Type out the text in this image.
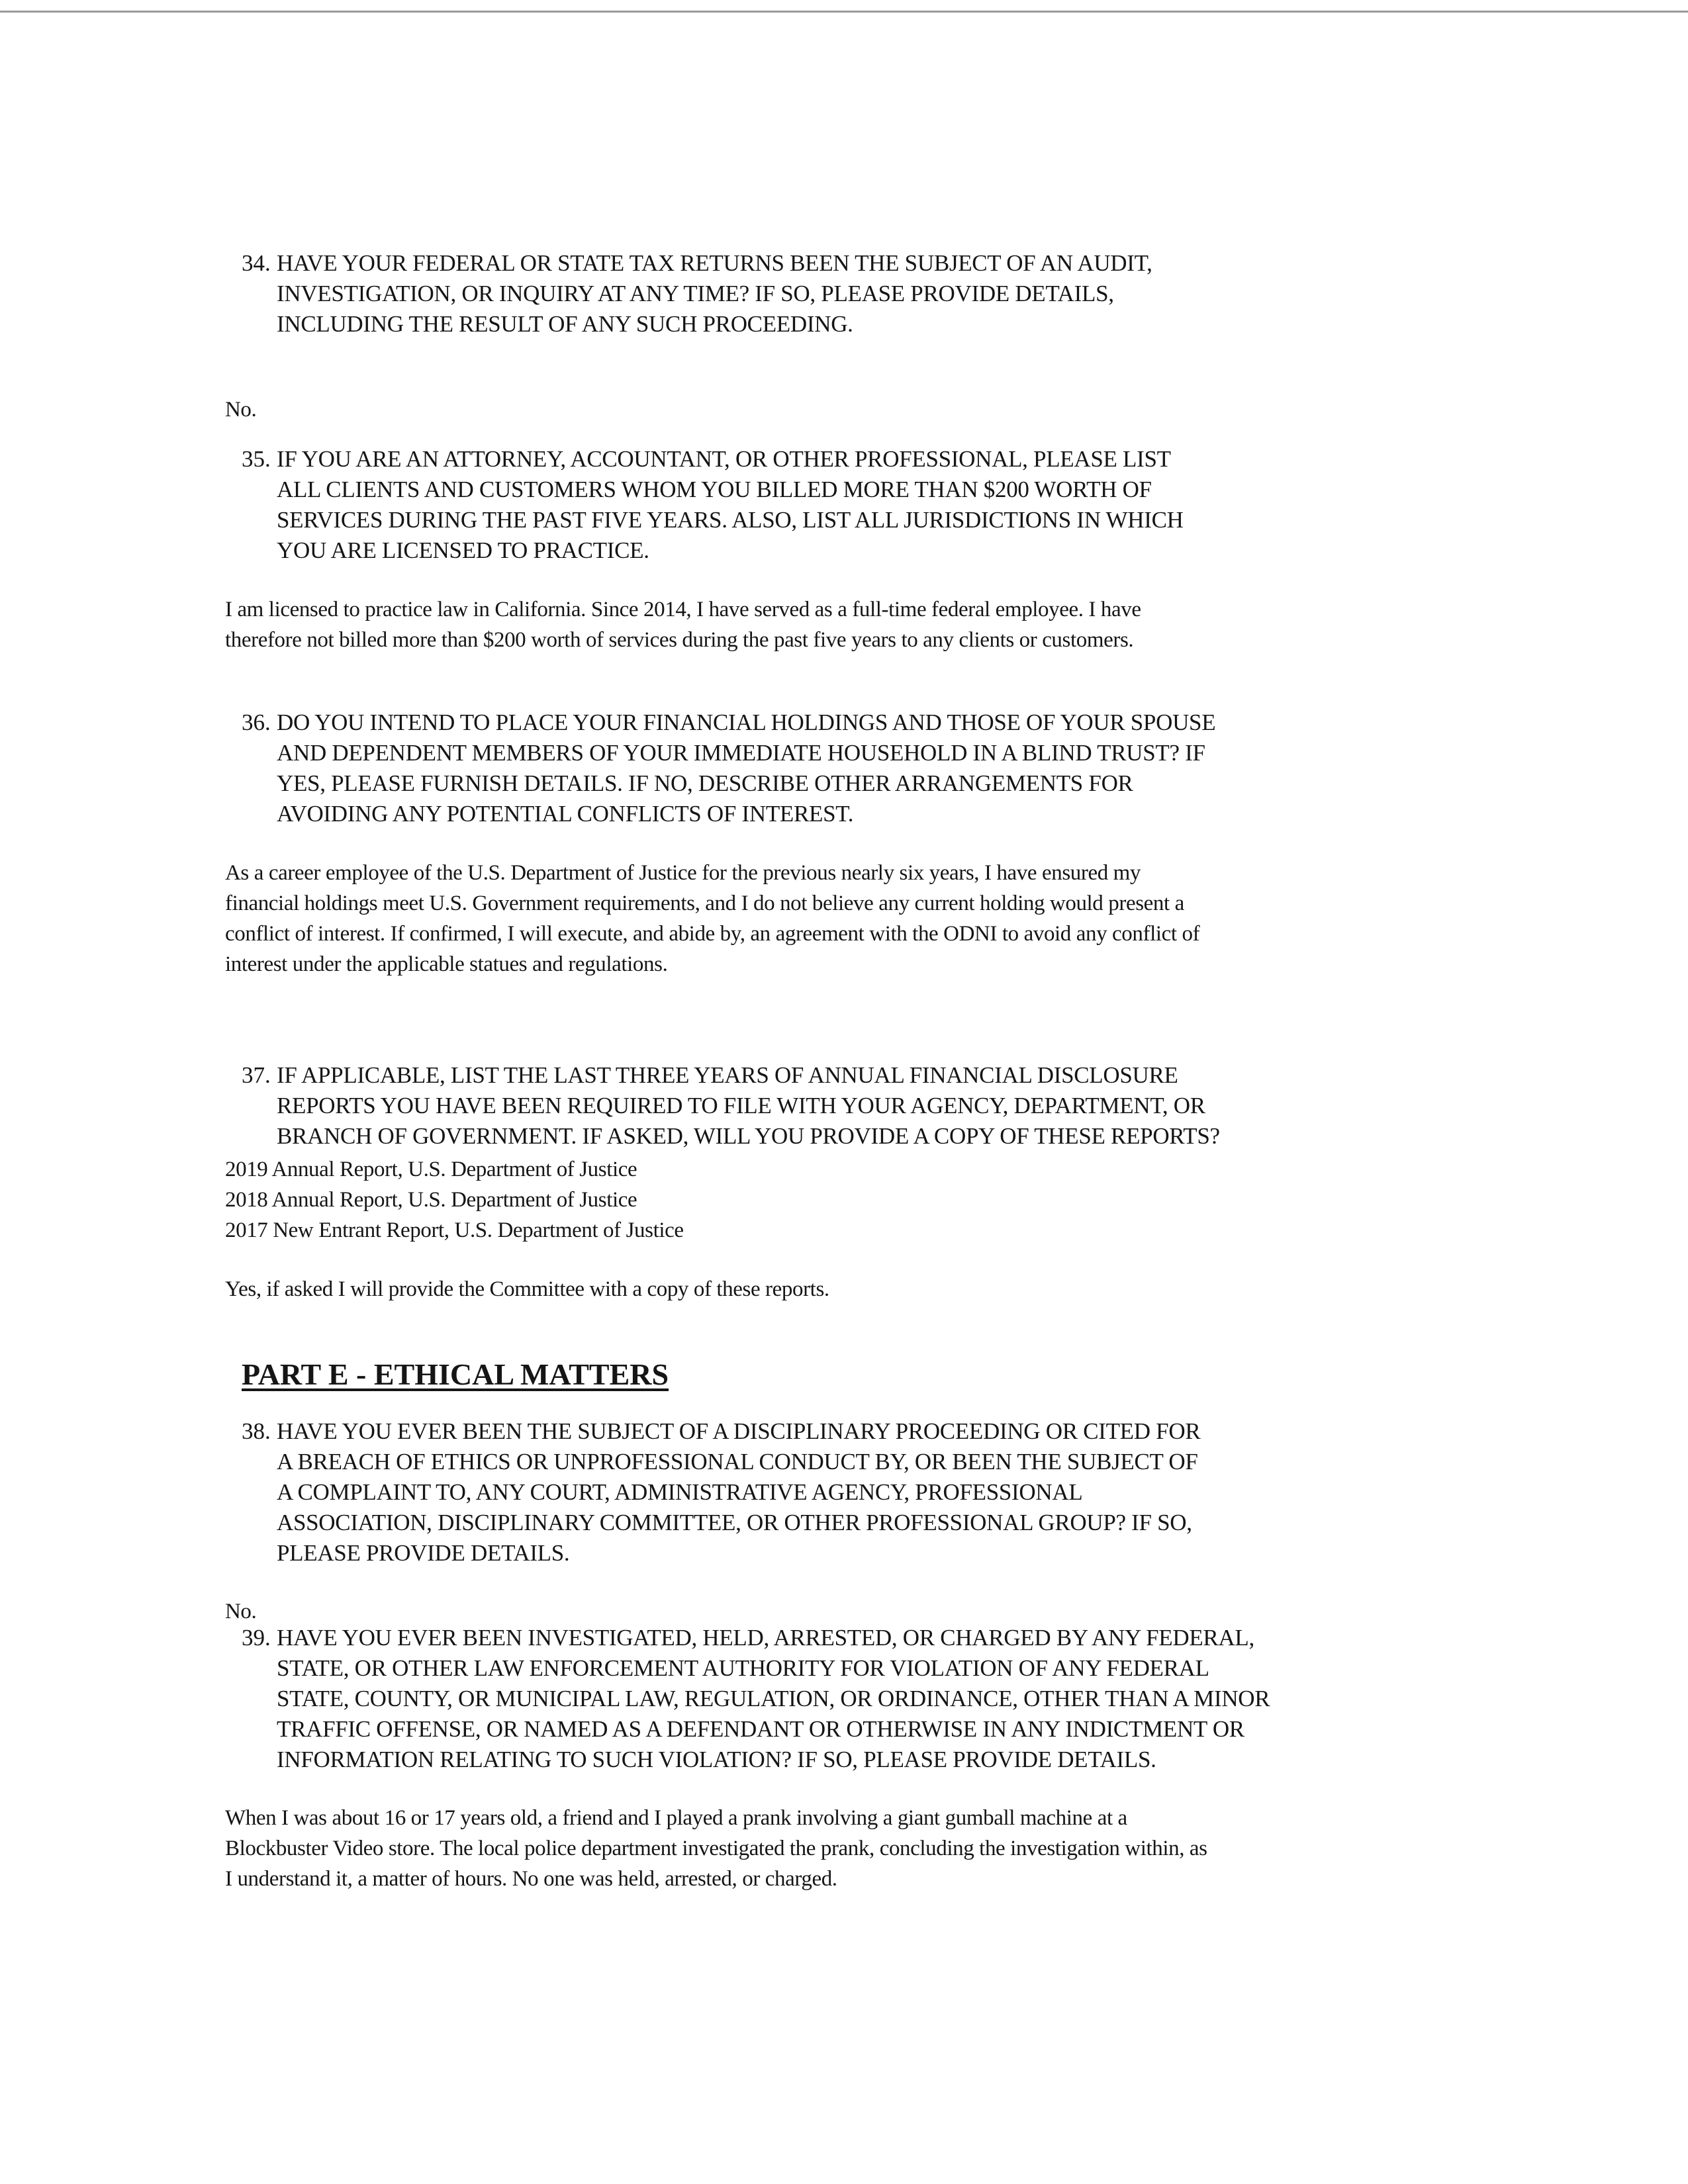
34. HAVE YOUR FEDERAL OR STATE TAX RETURNS BEEN THE SUBJECT OF AN AUDIT,
INVESTIGATION, OR INQUIRY AT ANY TIME? IF SO, PLEASE PROVIDE DETAILS,
INCLUDING THE RESULT OF ANY SUCH PROCEEDING.
No.
35. IF YOU ARE AN ATTORNEY, ACCOUNTANT, OR OTHER PROFESSIONAL, PLEASE LIST
ALL CLIENTS AND CUSTOMERS WHOM YOU BILLED MORE THAN $200 WORTH OF
SERVICES DURING THE PAST FIVE YEARS. ALSO, LIST ALL JURISDICTIONS IN WHICH
YOU ARE LICENSED TO PRACTICE.
I am licensed to practice law in California. Since 2014, I have served as a full-time federal employee. I have
therefore not billed more than $200 worth of services during the past five years to any clients or customers.
36. DO YOU INTEND TO PLACE YOUR FINANCIAL HOLDINGS AND THOSE OF YOUR SPOUSE
AND DEPENDENT MEMBERS OF YOUR IMMEDIATE HOUSEHOLD IN A BLIND TRUST? IF
YES, PLEASE FURNISH DETAILS. IF NO, DESCRIBE OTHER ARRANGEMENTS FOR
AVOIDING ANY POTENTIAL CONFLICTS OF INTEREST.
As a career employee of the U.S. Department of Justice for the previous nearly six years, I have ensured my
financial holdings meet U.S. Government requirements, and I do not believe any current holding would present a
conflict of interest. If confirmed, I will execute, and abide by, an agreement with the ODNI to avoid any conflict of
interest under the applicable statues and regulations.
37. IF APPLICABLE, LIST THE LAST THREE YEARS OF ANNUAL FINANCIAL DISCLOSURE
REPORTS YOU HAVE BEEN REQUIRED TO FILE WITH YOUR AGENCY, DEPARTMENT, OR
BRANCH OF GOVERNMENT. IF ASKED, WILL YOU PROVIDE A COPY OF THESE REPORTS?
2019 Annual Report, U.S. Department of Justice
2018 Annual Report, U.S. Department of Justice
2017 New Entrant Report, U.S. Department of Justice
Yes, if asked I will provide the Committee with a copy of these reports.
38. HAVE YOU EVER BEEN THE SUBJECT OF A DISCIPLINARY PROCEEDING OR CITED FOR
A BREACH OF ETHICS OR UNPROFESSIONAL CONDUCT BY, OR BEEN THE SUBJECT OF
A COMPLAINT TO, ANY COURT, ADMINISTRATIVE AGENCY, PROFESSIONAL
ASSOCIATION, DISCIPLINARY COMMITTEE, OR OTHER PROFESSIONAL GROUP? IF SO,
PLEASE PROVIDE DETAILS.
No.
39. HAVE YOU EVER BEEN INVESTIGATED, HELD, ARRESTED, OR CHARGED BY ANY FEDERAL,
STATE, OR OTHER LAW ENFORCEMENT AUTHORITY FOR VIOLATION OF ANY FEDERAL
STATE, COUNTY, OR MUNICIPAL LAW, REGULATION, OR ORDINANCE, OTHER THAN A MINOR
TRAFFIC OFFENSE, OR NAMED AS A DEFENDANT OR OTHERWISE IN ANY INDICTMENT OR
INFORMATION RELATING TO SUCH VIOLATION? IF SO, PLEASE PROVIDE DETAILS.
When I was about 16 or 17 years old, a friend and I played a prank involving a giant gumball machine at a
Blockbuster Video store. The local police department investigated the prank, concluding the investigation within, as
I understand it, a matter of hours. No one was held, arrested, or charged.
PART E - ETHICAL MATTERS
